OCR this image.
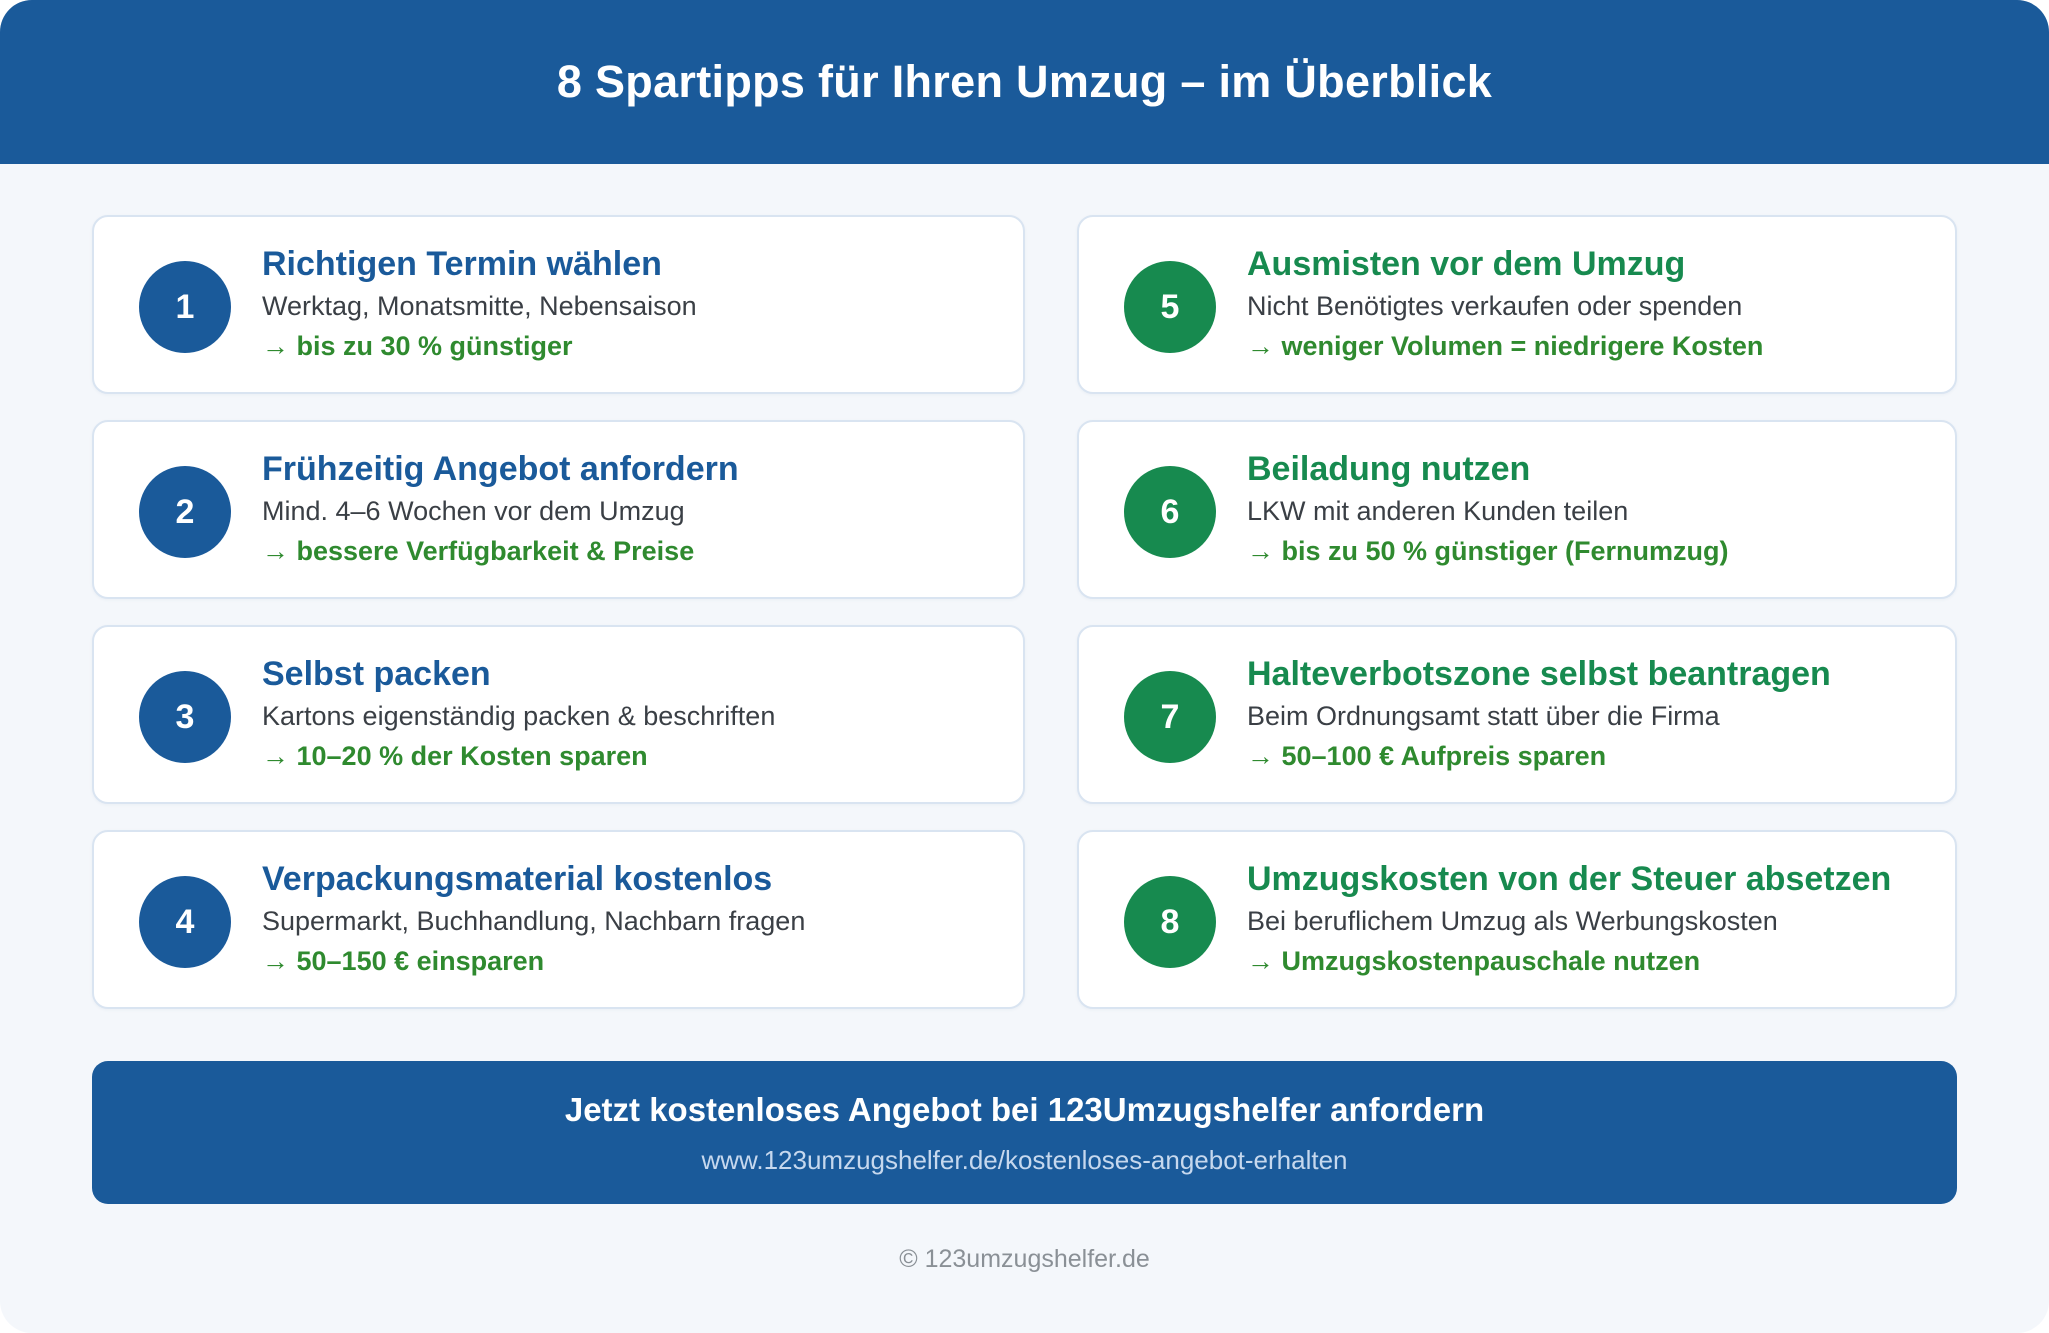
8 Spartipps für Ihren Umzug – im Überblick
1
Richtigen Termin wählen
Werktag, Monatsmitte, Nebensaison
→ bis zu 30 % günstiger
5
Ausmisten vor dem Umzug
Nicht Benötigtes verkaufen oder spenden
→ weniger Volumen = niedrigere Kosten
2
Frühzeitig Angebot anfordern
Mind. 4–6 Wochen vor dem Umzug
→ bessere Verfügbarkeit & Preise
6
Beiladung nutzen
LKW mit anderen Kunden teilen
→ bis zu 50 % günstiger (Fernumzug)
3
Selbst packen
Kartons eigenständig packen & beschriften
→ 10–20 % der Kosten sparen
7
Halteverbotszone selbst beantragen
Beim Ordnungsamt statt über die Firma
→ 50–100 € Aufpreis sparen
4
Verpackungsmaterial kostenlos
Supermarkt, Buchhandlung, Nachbarn fragen
→ 50–150 € einsparen
8
Umzugskosten von der Steuer absetzen
Bei beruflichem Umzug als Werbungskosten
→ Umzugskostenpauschale nutzen
Jetzt kostenloses Angebot bei 123Umzugshelfer anfordern
www.123umzugshelfer.de/kostenloses-angebot-erhalten
© 123umzugshelfer.de
